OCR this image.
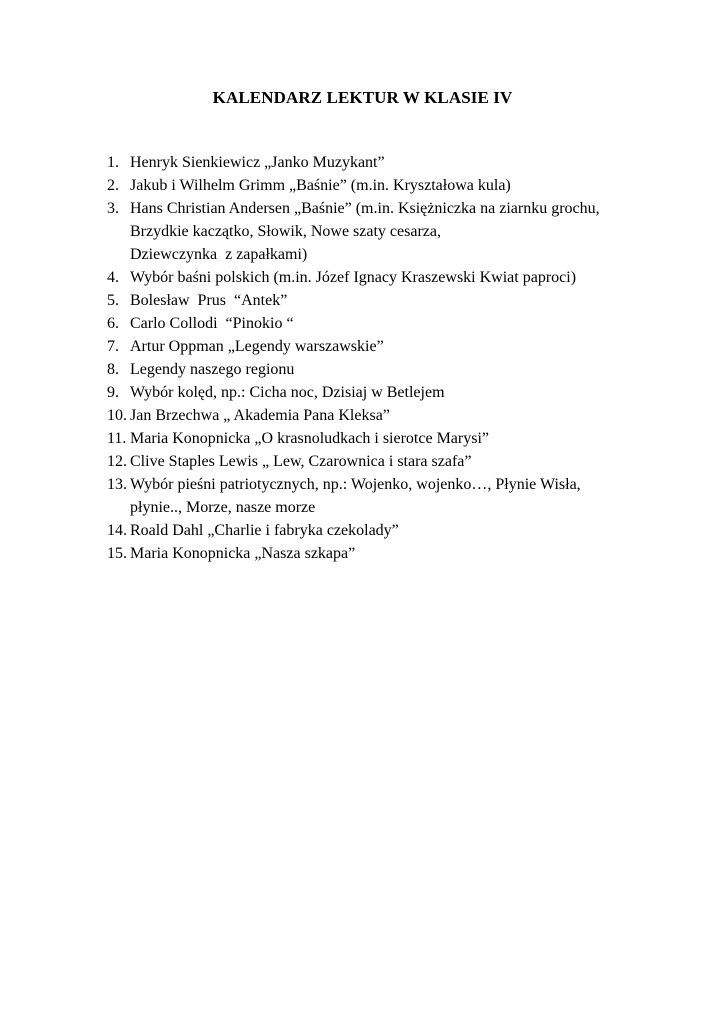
KALENDARZ LEKTUR W KLASIE IV
1. Henryk Sienkiewicz „Janko Muzykant”
2. Jakub i Wilhelm Grimm „Baśnie” (m.in. Kryształowa kula)
3. Hans Christian Andersen „Baśnie” (m.in. Księżniczka na ziarnku grochu,
Brzydkie kaczątko, Słowik, Nowe szaty cesarza,
Dziewczynka  z zapałkami)
4. Wybór baśni polskich (m.in. Józef Ignacy Kraszewski Kwiat paproci)
5. Bolesław  Prus  “Antek”
6. Carlo Collodi  “Pinokio “
7. Artur Oppman „Legendy warszawskie”
8. Legendy naszego regionu
9. Wybór kolęd, np.: Cicha noc, Dzisiaj w Betlejem
10. Jan Brzechwa „ Akademia Pana Kleksa”
11. Maria Konopnicka „O krasnoludkach i sierotce Marysi”
12. Clive Staples Lewis „ Lew, Czarownica i stara szafa”
13. Wybór pieśni patriotycznych, np.: Wojenko, wojenko…, Płynie Wisła,
płynie.., Morze, nasze morze
14. Roald Dahl „Charlie i fabryka czekolady”
15. Maria Konopnicka „Nasza szkapa”
